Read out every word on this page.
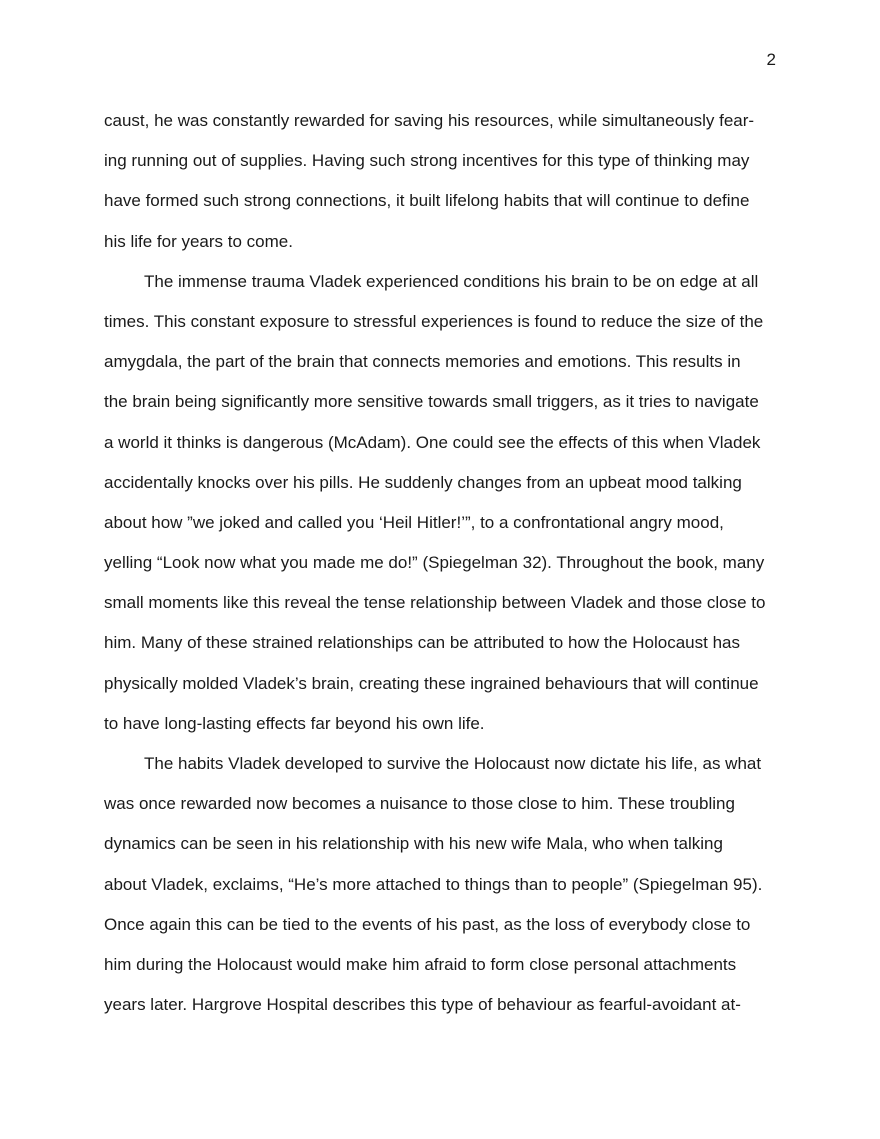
2
caust, he was constantly rewarded for saving his resources, while simultaneously fear-
ing running out of supplies. Having such strong incentives for this type of thinking may
have formed such strong connections, it built lifelong habits that will continue to define
his life for years to come.
The immense trauma Vladek experienced conditions his brain to be on edge at all
times. This constant exposure to stressful experiences is found to reduce the size of the
amygdala, the part of the brain that connects memories and emotions. This results in
the brain being significantly more sensitive towards small triggers, as it tries to navigate
a world it thinks is dangerous (McAdam). One could see the effects of this when Vladek
accidentally knocks over his pills. He suddenly changes from an upbeat mood talking
about how ”we joked and called you ‘Heil Hitler!’”, to a confrontational angry mood,
yelling “Look now what you made me do!” (Spiegelman 32). Throughout the book, many
small moments like this reveal the tense relationship between Vladek and those close to
him. Many of these strained relationships can be attributed to how the Holocaust has
physically molded Vladek’s brain, creating these ingrained behaviours that will continue
to have long-lasting effects far beyond his own life.
The habits Vladek developed to survive the Holocaust now dictate his life, as what
was once rewarded now becomes a nuisance to those close to him. These troubling
dynamics can be seen in his relationship with his new wife Mala, who when talking
about Vladek, exclaims, “He’s more attached to things than to people” (Spiegelman 95).
Once again this can be tied to the events of his past, as the loss of everybody close to
him during the Holocaust would make him afraid to form close personal attachments
years later. Hargrove Hospital describes this type of behaviour as fearful-avoidant at-
